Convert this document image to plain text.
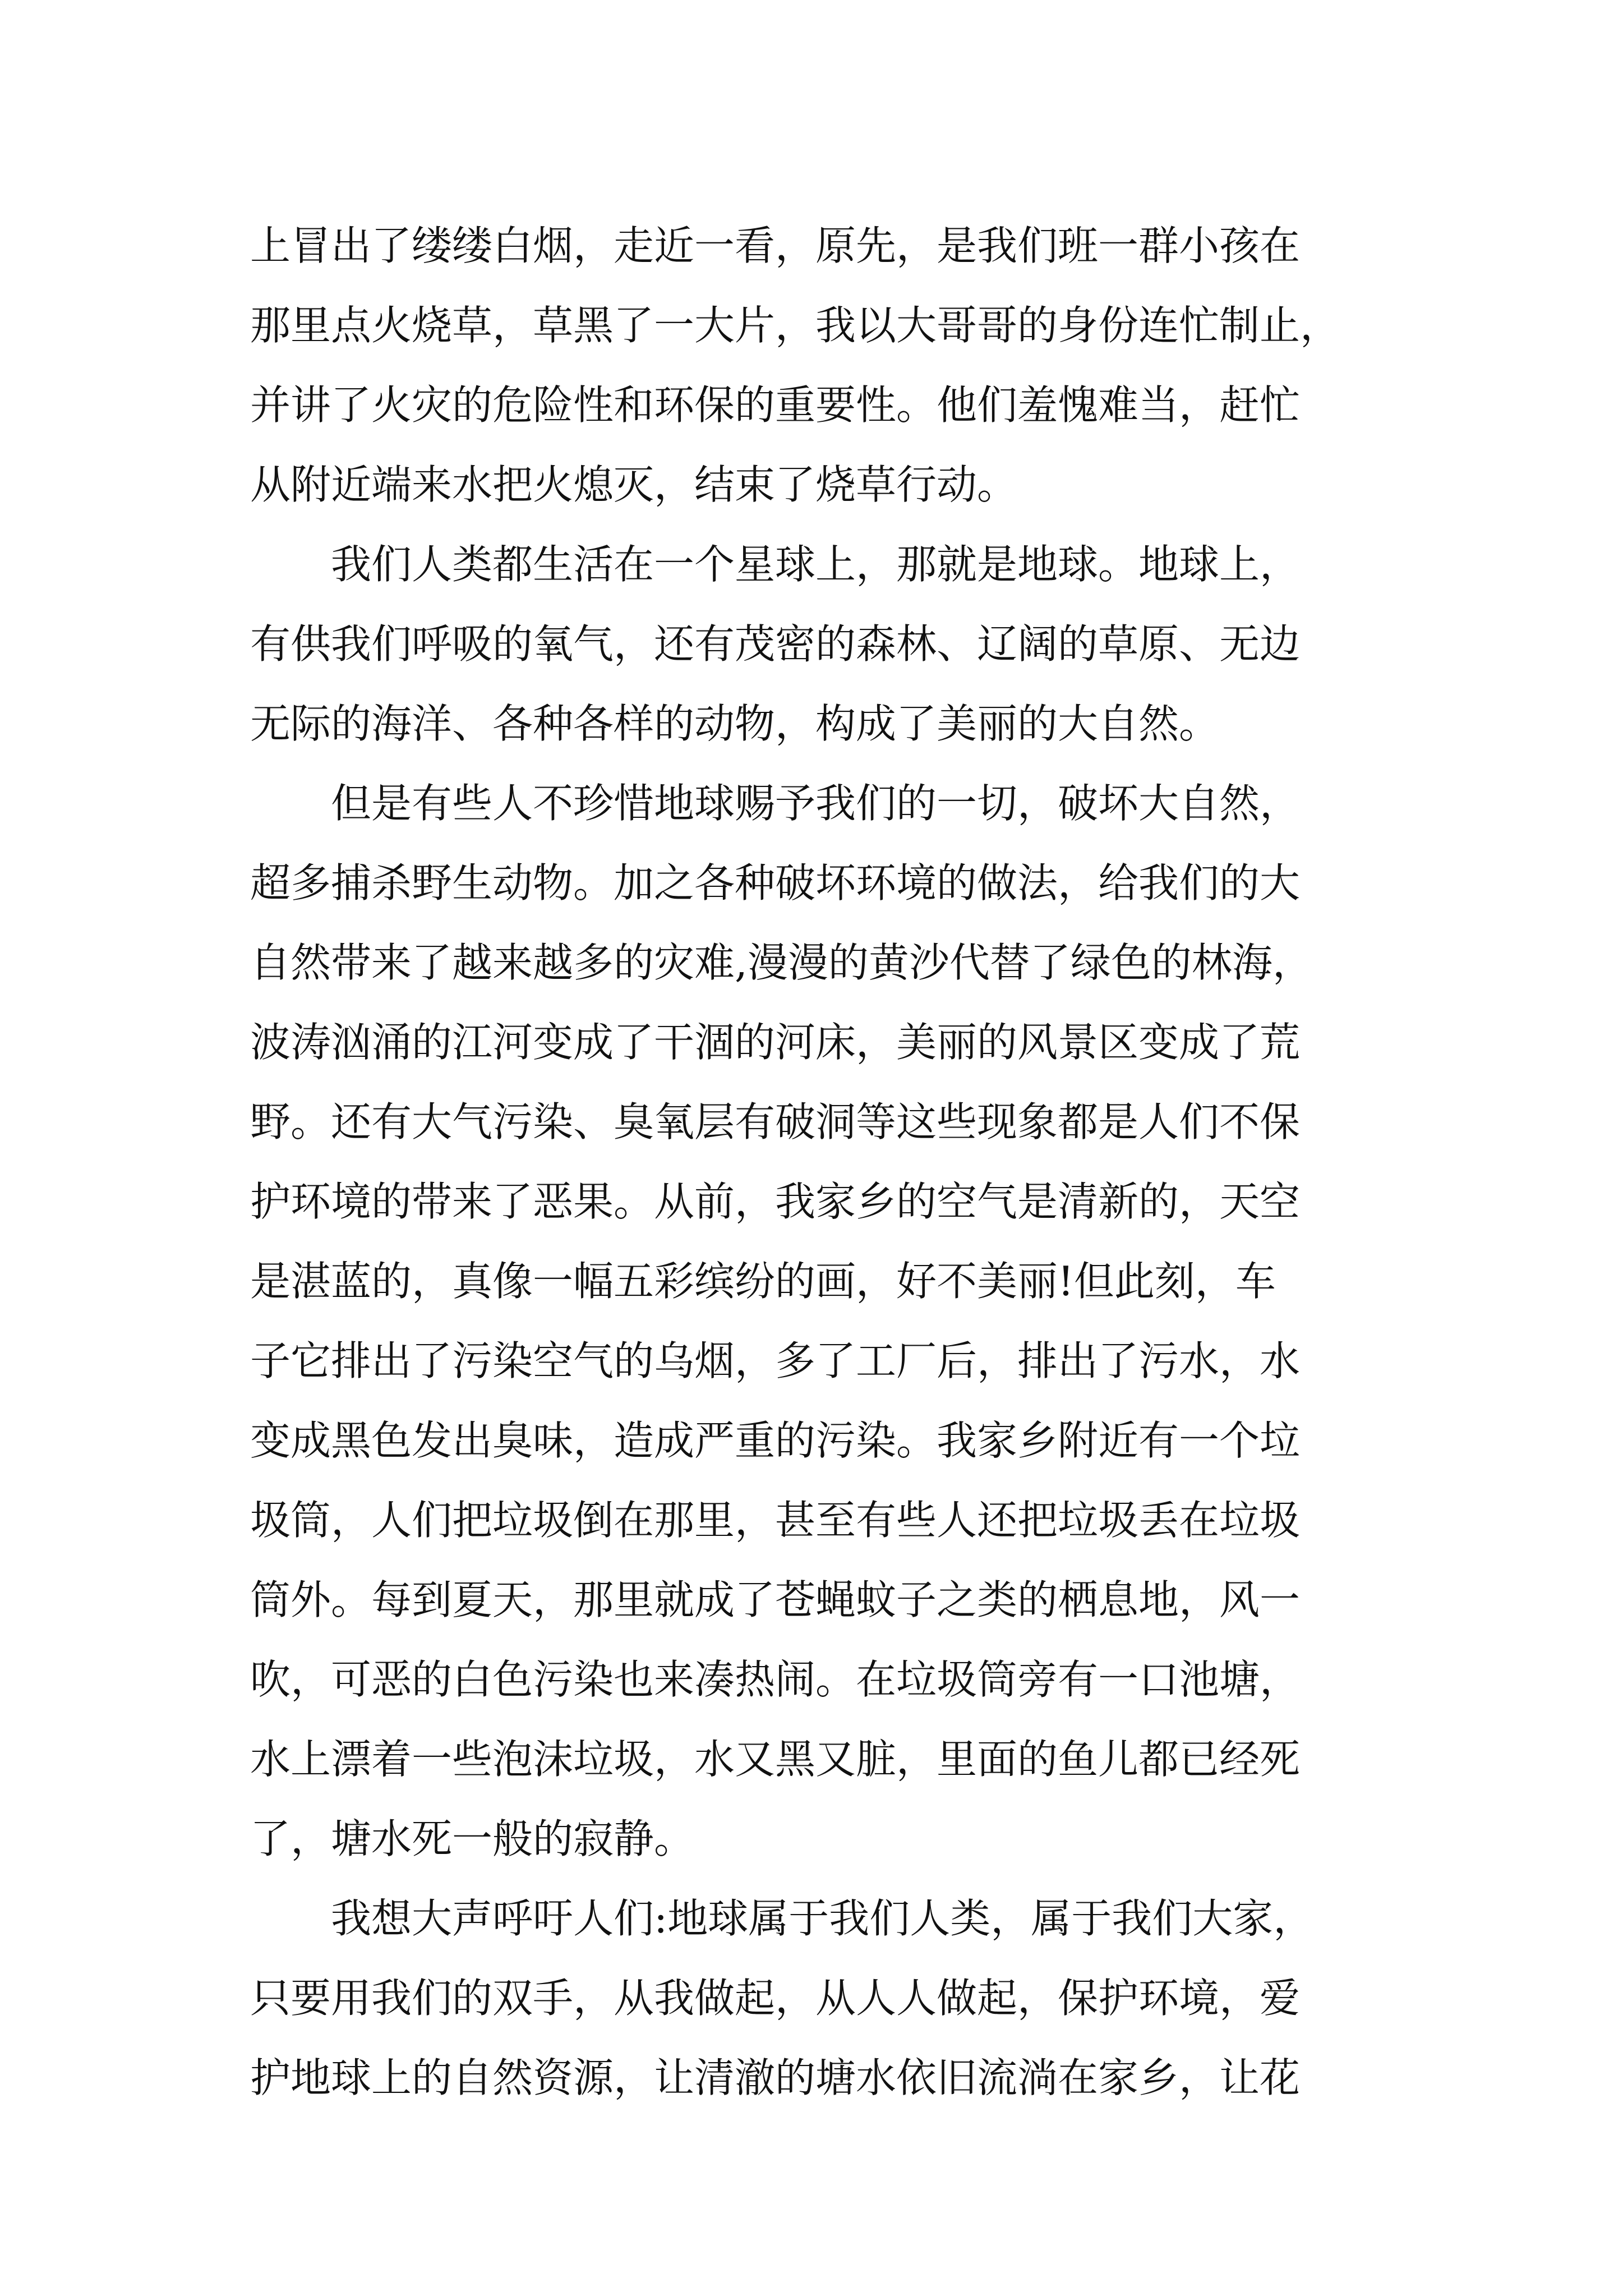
上冒出了缕缕白烟，走近一看，原先，是我们班一群小孩在
那里点火烧草，草黑了一大片，我以大哥哥的身份连忙制止，
并讲了火灾的危险性和环保的重要性。他们羞愧难当，赶忙
从附近端来水把火熄灭，结束了烧草行动。
　　我们人类都生活在一个星球上，那就是地球。地球上，
有供我们呼吸的氧气，还有茂密的森林、辽阔的草原、无边
无际的海洋、各种各样的动物，构成了美丽的大自然。
　　但是有些人不珍惜地球赐予我们的一切，破坏大自然，
超多捕杀野生动物。加之各种破坏环境的做法，给我们的大
自然带来了越来越多的灾难,漫漫的黄沙代替了绿色的林海，
波涛汹涌的江河变成了干涸的河床，美丽的风景区变成了荒
野。还有大气污染、臭氧层有破洞等这些现象都是人们不保
护环境的带来了恶果。从前，我家乡的空气是清新的，天空
是湛蓝的，真像一幅五彩缤纷的画，好不美丽!但此刻，车
子它排出了污染空气的乌烟，多了工厂后，排出了污水，水
变成黑色发出臭味，造成严重的污染。我家乡附近有一个垃
圾筒，人们把垃圾倒在那里，甚至有些人还把垃圾丢在垃圾
筒外。每到夏天，那里就成了苍蝇蚊子之类的栖息地，风一
吹，可恶的白色污染也来凑热闹。在垃圾筒旁有一口池塘，
水上漂着一些泡沫垃圾，水又黑又脏，里面的鱼儿都已经死
了，塘水死一般的寂静。
　　我想大声呼吁人们:地球属于我们人类，属于我们大家，
只要用我们的双手，从我做起，从人人做起，保护环境，爱
护地球上的自然资源，让清澈的塘水依旧流淌在家乡，让花
